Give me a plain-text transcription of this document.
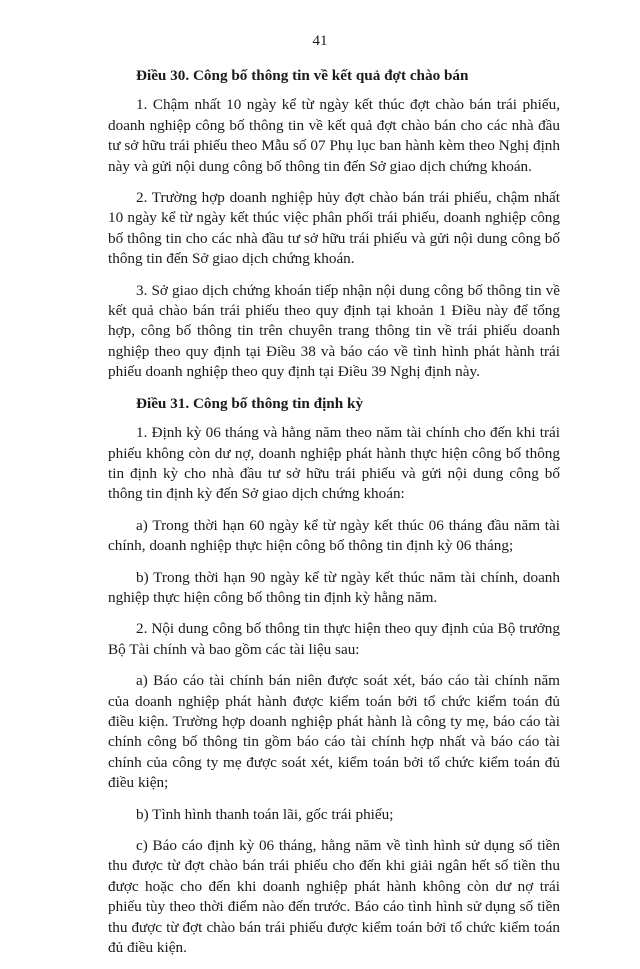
41

Điều 30. Công bố thông tin về kết quả đợt chào bán

1. Chậm nhất 10 ngày kể từ ngày kết thúc đợt chào bán trái phiếu, doanh nghiệp công bố thông tin về kết quả đợt chào bán cho các nhà đầu tư sở hữu trái phiếu theo Mẫu số 07 Phụ lục ban hành kèm theo Nghị định này và gửi nội dung công bố thông tin đến Sở giao dịch chứng khoán.

2. Trường hợp doanh nghiệp hủy đợt chào bán trái phiếu, chậm nhất 10 ngày kể từ ngày kết thúc việc phân phối trái phiếu, doanh nghiệp công bố thông tin cho các nhà đầu tư sở hữu trái phiếu và gửi nội dung công bố thông tin đến Sở giao dịch chứng khoán.

3. Sở giao dịch chứng khoán tiếp nhận nội dung công bố thông tin về kết quả chào bán trái phiếu theo quy định tại khoản 1 Điều này để tổng hợp, công bố thông tin trên chuyên trang thông tin về trái phiếu doanh nghiệp theo quy định tại Điều 38 và báo cáo về tình hình phát hành trái phiếu doanh nghiệp theo quy định tại Điều 39 Nghị định này.

Điều 31. Công bố thông tin định kỳ

1. Định kỳ 06 tháng và hằng năm theo năm tài chính cho đến khi trái phiếu không còn dư nợ, doanh nghiệp phát hành thực hiện công bố thông tin định kỳ cho nhà đầu tư sở hữu trái phiếu và gửi nội dung công bố thông tin định kỳ đến Sở giao dịch chứng khoán:

a) Trong thời hạn 60 ngày kể từ ngày kết thúc 06 tháng đầu năm tài chính, doanh nghiệp thực hiện công bố thông tin định kỳ 06 tháng;

b) Trong thời hạn 90 ngày kể từ ngày kết thúc năm tài chính, doanh nghiệp thực hiện công bố thông tin định kỳ hằng năm.

2. Nội dung công bố thông tin thực hiện theo quy định của Bộ trưởng Bộ Tài chính và bao gồm các tài liệu sau:

a) Báo cáo tài chính bán niên được soát xét, báo cáo tài chính năm của doanh nghiệp phát hành được kiểm toán bởi tổ chức kiểm toán đủ điều kiện. Trường hợp doanh nghiệp phát hành là công ty mẹ, báo cáo tài chính công bố thông tin gồm báo cáo tài chính hợp nhất và báo cáo tài chính của công ty mẹ được soát xét, kiểm toán bởi tổ chức kiểm toán đủ điều kiện;

b) Tình hình thanh toán lãi, gốc trái phiếu;

c) Báo cáo định kỳ 06 tháng, hằng năm về tình hình sử dụng số tiền thu được từ đợt chào bán trái phiếu cho đến khi giải ngân hết số tiền thu được hoặc cho đến khi doanh nghiệp phát hành không còn dư nợ trái phiếu tùy theo thời điểm nào đến trước. Báo cáo tình hình sử dụng số tiền thu được từ đợt chào bán trái phiếu được kiểm toán bởi tổ chức kiểm toán đủ điều kiện.
